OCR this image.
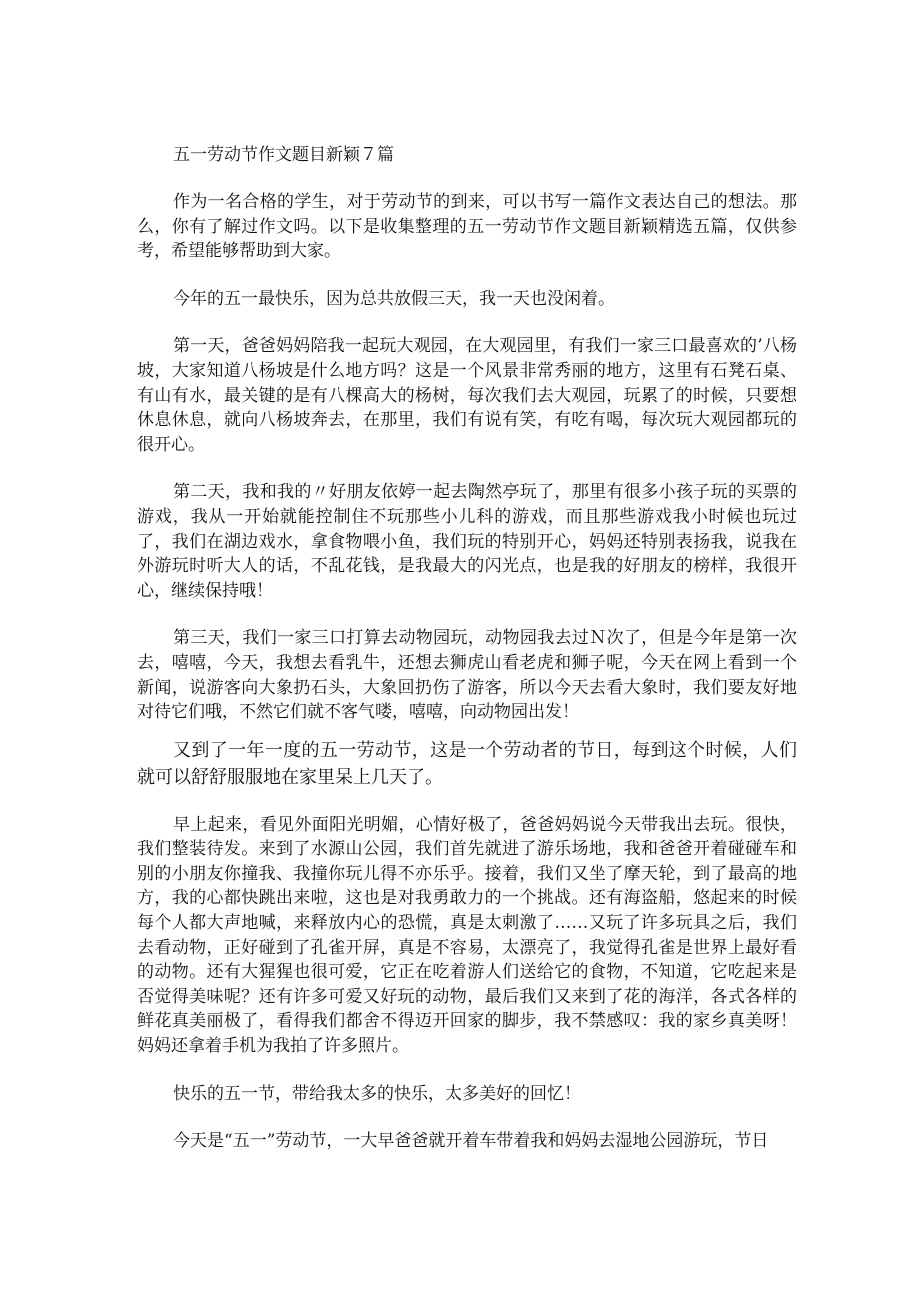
五一劳动节作文题目新颖７篇

作为一名合格的学生，对于劳动节的到来，可以书写一篇作文表达自己的想法。那么，你有了解过作文吗。以下是收集整理的五一劳动节作文题目新颖精选五篇，仅供参考，希望能够帮助到大家。

今年的五一最快乐，因为总共放假三天，我一天也没闲着。

第一天，爸爸妈妈陪我一起玩大观园，在大观园里，有我们一家三口最喜欢的’八杨坡，大家知道八杨坡是什么地方吗？这是一个风景非常秀丽的地方，这里有石凳石桌、有山有水，最关键的是有八棵高大的杨树，每次我们去大观园，玩累了的时候，只要想休息休息，就向八杨坡奔去，在那里，我们有说有笑，有吃有喝，每次玩大观园都玩的很开心。

第二天，我和我的〃好朋友依婷一起去陶然亭玩了，那里有很多小孩子玩的买票的游戏，我从一开始就能控制住不玩那些小儿科的游戏，而且那些游戏我小时候也玩过了，我们在湖边戏水，拿食物喂小鱼，我们玩的特别开心，妈妈还特别表扬我，说我在外游玩时听大人的话，不乱花钱，是我最大的闪光点，也是我的好朋友的榜样，我很开心，继续保持哦！

第三天，我们一家三口打算去动物园玩，动物园我去过Ｎ次了，但是今年是第一次去，嘻嘻，今天，我想去看乳牛，还想去狮虎山看老虎和狮子呢，今天在网上看到一个新闻，说游客向大象扔石头，大象回扔伤了游客，所以今天去看大象时，我们要友好地对待它们哦，不然它们就不客气喽，嘻嘻，向动物园出发！

又到了一年一度的五一劳动节，这是一个劳动者的节日，每到这个时候，人们就可以舒舒服服地在家里呆上几天了。

早上起来，看见外面阳光明媚，心情好极了，爸爸妈妈说今天带我出去玩。很快，我们整装待发。来到了水源山公园，我们首先就进了游乐场地，我和爸爸开着碰碰车和别的小朋友你撞我、我撞你玩儿得不亦乐乎。接着，我们又坐了摩天轮，到了最高的地方，我的心都快跳出来啦，这也是对我勇敢力的一个挑战。还有海盗船，悠起来的时候每个人都大声地喊，来释放内心的恐慌，真是太刺激了……又玩了许多玩具之后，我们去看动物，正好碰到了孔雀开屏，真是不容易，太漂亮了，我觉得孔雀是世界上最好看的动物。还有大猩猩也很可爱，它正在吃着游人们送给它的食物，不知道，它吃起来是否觉得美味呢？还有许多可爱又好玩的动物，最后我们又来到了花的海洋，各式各样的鲜花真美丽极了，看得我们都舍不得迈开回家的脚步，我不禁感叹：我的家乡真美呀！妈妈还拿着手机为我拍了许多照片。

快乐的五一节，带给我太多的快乐，太多美好的回忆！

今天是“五一”劳动节，一大早爸爸就开着车带着我和妈妈去湿地公园游玩，节日
